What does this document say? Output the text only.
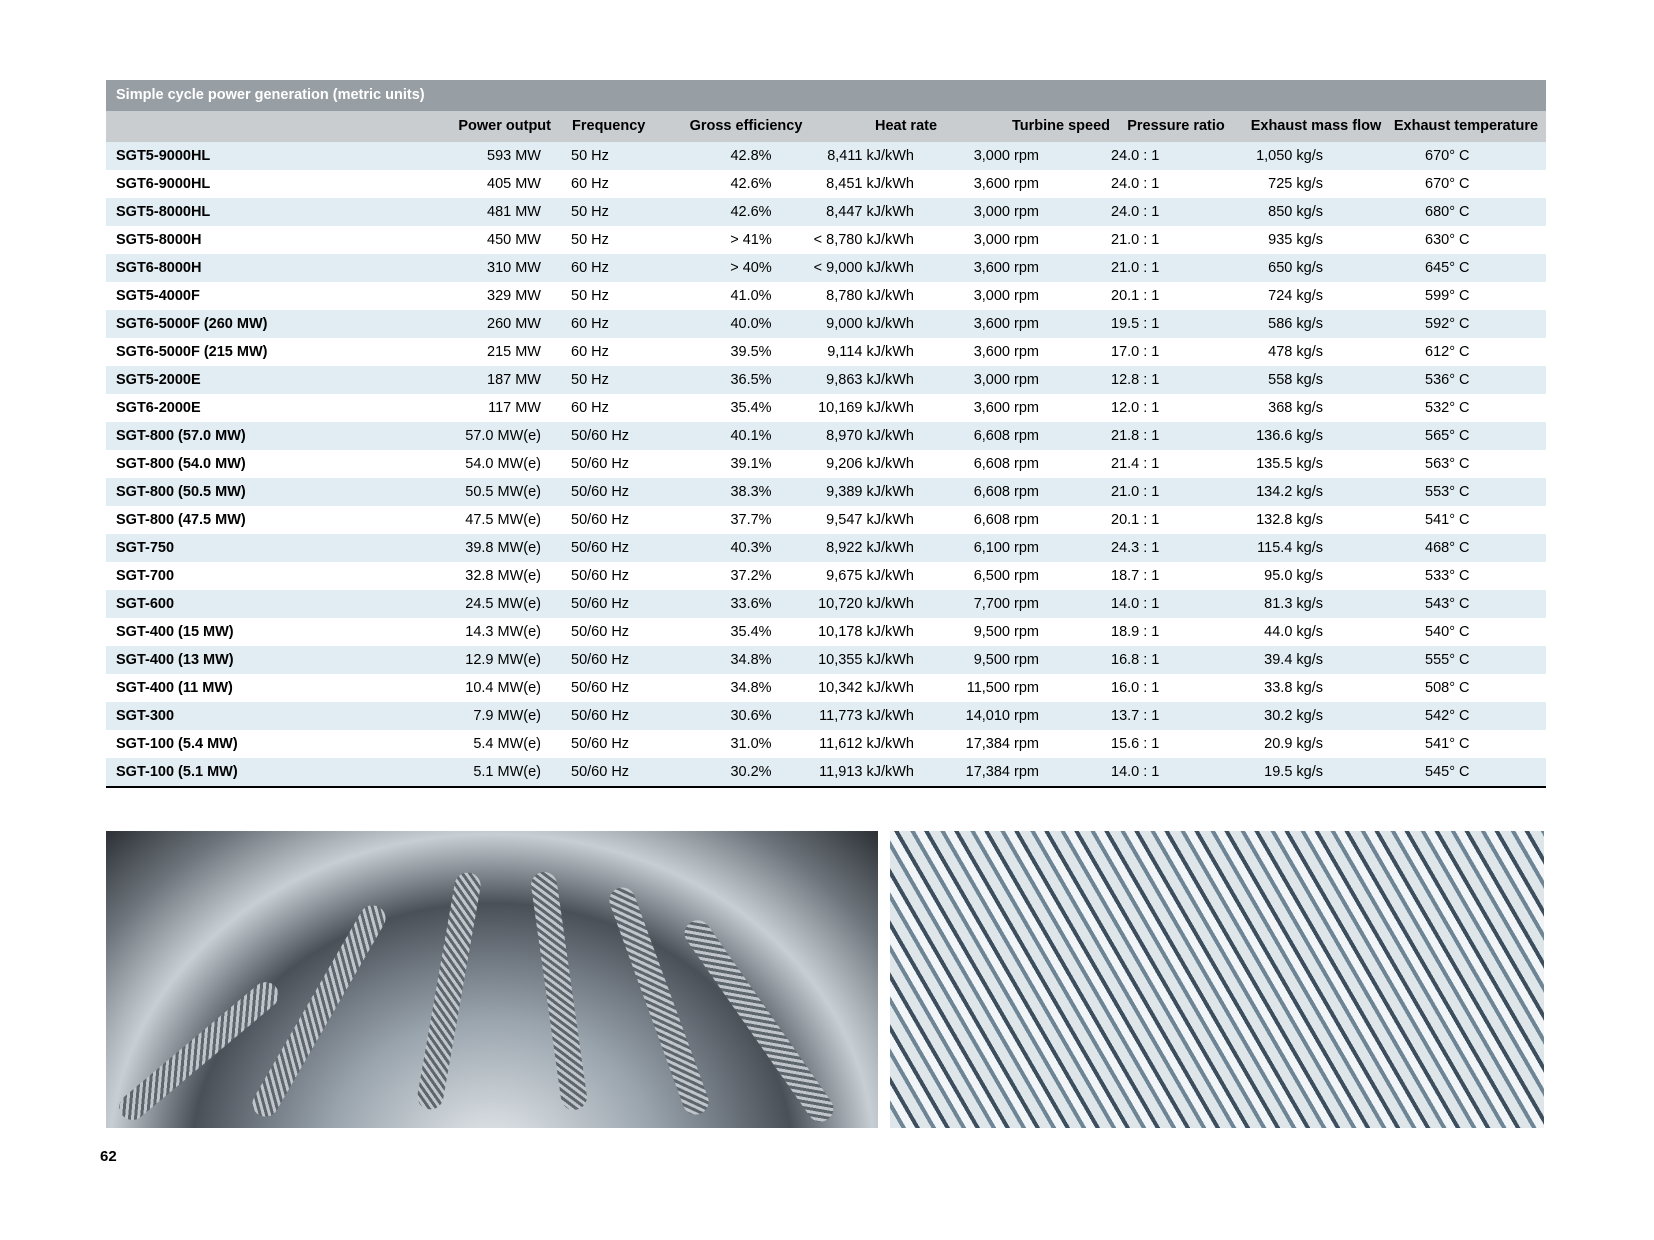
Simple cycle power generation (metric units)
Power output Frequency	Gross efficiency	Heat rate	Turbine speed	Pressure ratio	Exhaust mass flow Exhaust temperature
SGT5-9000HL	593 MW 50 Hz	42.8%	8,411 kJ/kWh	3,000 rpm	24.0 : 1	1,050 kg/s	670° C
SGT6-9000HL	405 MW 60 Hz	42.6%	8,451 kJ/kWh	3,600 rpm	24.0 : 1	725 kg/s	670° C
SGT5-8000HL	481 MW 50 Hz	42.6%	8,447 kJ/kWh	3,000 rpm	24.0 : 1	850 kg/s	680° C
SGT5-8000H	450 MW 50 Hz	> 41%	< 8,780 kJ/kWh	3,000 rpm	21.0 : 1	935 kg/s	630° C
SGT6-8000H	310 MW 60 Hz	> 40%	< 9,000 kJ/kWh	3,600 rpm	21.0 : 1	650 kg/s	645° C
SGT5-4000F	329 MW 50 Hz	41.0%	8,780 kJ/kWh	3,000 rpm	20.1 : 1	724 kg/s	599° C
SGT6-5000F (260 MW)	260 MW 60 Hz	40.0%	9,000 kJ/kWh	3,600 rpm	19.5 : 1	586 kg/s	592° C
SGT6-5000F (215 MW)	215 MW 60 Hz	39.5%	9,114 kJ/kWh	3,600 rpm	17.0 : 1	478 kg/s	612° C
SGT5-2000E	187 MW 50 Hz	36.5%	9,863 kJ/kWh	3,000 rpm	12.8 : 1	558 kg/s	536° C
SGT6-2000E	117 MW 60 Hz	35.4%	10,169 kJ/kWh	3,600 rpm	12.0 : 1	368 kg/s	532° C
SGT-800 (57.0 MW)	57.0 MW(e) 50/60 Hz	40.1%	8,970 kJ/kWh	6,608 rpm	21.8 : 1	136.6 kg/s	565° C
SGT-800 (54.0 MW)	54.0 MW(e) 50/60 Hz	39.1%	9,206 kJ/kWh	6,608 rpm	21.4 : 1	135.5 kg/s	563° C
SGT-800 (50.5 MW)	50.5 MW(e) 50/60 Hz	38.3%	9,389 kJ/kWh	6,608 rpm	21.0 : 1	134.2 kg/s	553° C
SGT-800 (47.5 MW)	47.5 MW(e) 50/60 Hz	37.7%	9,547 kJ/kWh	6,608 rpm	20.1 : 1	132.8 kg/s	541° C
SGT-750	39.8 MW(e) 50/60 Hz	40.3%	8,922 kJ/kWh	6,100 rpm	24.3 : 1	115.4 kg/s	468° C
SGT-700	32.8 MW(e) 50/60 Hz	37.2%	9,675 kJ/kWh	6,500 rpm	18.7 : 1	95.0 kg/s	533° C
SGT-600	24.5 MW(e) 50/60 Hz	33.6%	10,720 kJ/kWh	7,700 rpm	14.0 : 1	81.3 kg/s	543° C
SGT-400 (15 MW)	14.3 MW(e) 50/60 Hz	35.4%	10,178 kJ/kWh	9,500 rpm	18.9 : 1	44.0 kg/s	540° C
SGT-400 (13 MW)	12.9 MW(e) 50/60 Hz	34.8%	10,355 kJ/kWh	9,500 rpm	16.8 : 1	39.4 kg/s	555° C
SGT-400 (11 MW)	10.4 MW(e) 50/60 Hz	34.8%	10,342 kJ/kWh	11,500 rpm	16.0 : 1	33.8 kg/s	508° C
SGT-300	7.9 MW(e) 50/60 Hz	30.6%	11,773 kJ/kWh	14,010 rpm	13.7 : 1	30.2 kg/s	542° C
SGT-100 (5.4 MW)	5.4 MW(e) 50/60 Hz	31.0%	11,612 kJ/kWh	17,384 rpm	15.6 : 1	20.9 kg/s	541° C
SGT-100 (5.1 MW)	5.1 MW(e) 50/60 Hz	30.2%	11,913 kJ/kWh	17,384 rpm	14.0 : 1	19.5 kg/s	545° C
62
